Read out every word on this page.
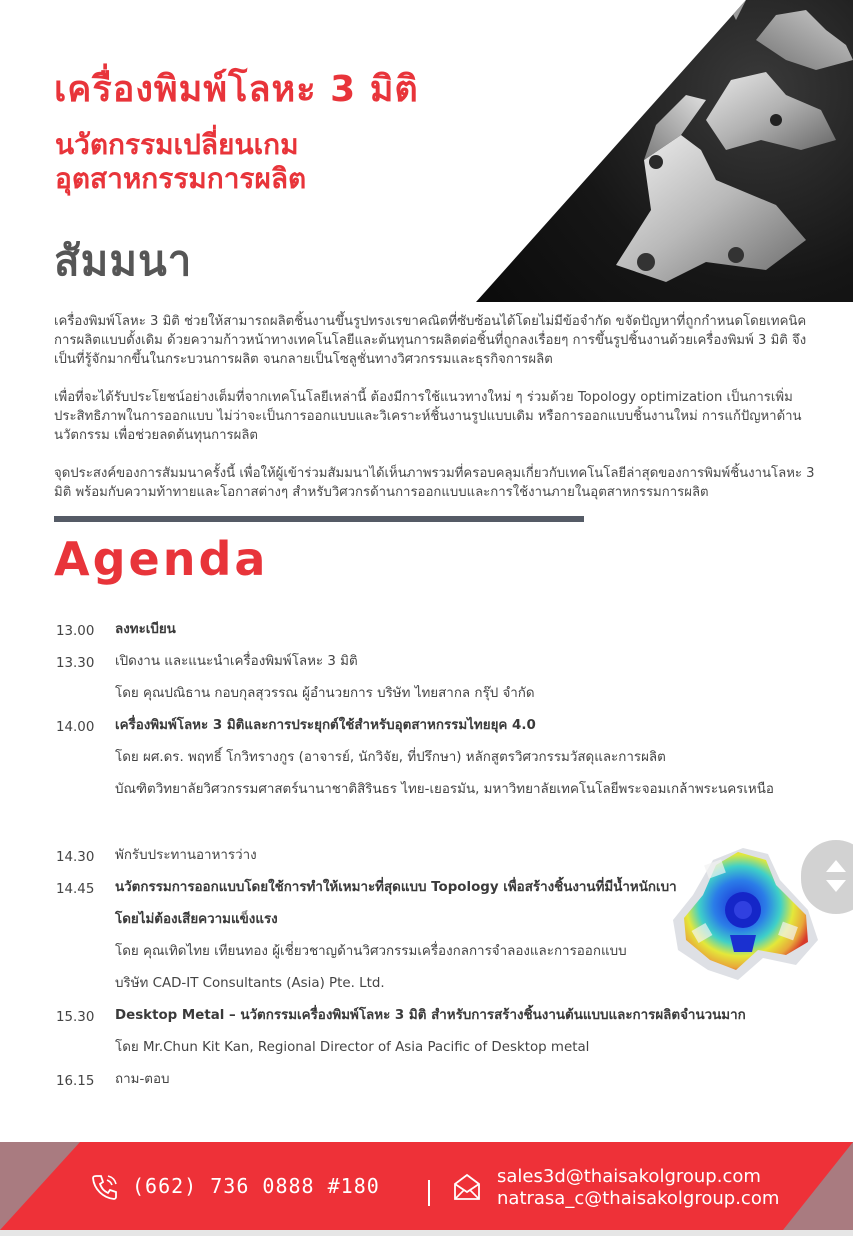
เครื่องพิมพ์โลหะ 3 มิติ
นวัตกรรมเปลี่ยนเกม
อุตสาหกรรมการผลิต
สัมมนา

เครื่องพิมพ์โลหะ 3 มิติ ช่วยให้สามารถผลิตชิ้นงานขึ้นรูปทรงเรขาคณิตที่ซับซ้อนได้โดยไม่มีข้อจำกัด ขจัดปัญหาที่ถูกกำหนดโดยเทคนิคการผลิตแบบดั้งเดิม ด้วยความก้าวหน้าทางเทคโนโลยีและต้นทุนการผลิตต่อชิ้นที่ถูกลงเรื่อยๆ การขึ้นรูปชิ้นงานด้วยเครื่องพิมพ์ 3 มิติ จึงเป็นที่รู้จักมากขึ้นในกระบวนการผลิต จนกลายเป็นโซลูชั่นทางวิศวกรรมและธุรกิจการผลิต

เพื่อที่จะได้รับประโยชน์อย่างเต็มที่จากเทคโนโลยีเหล่านี้ ต้องมีการใช้แนวทางใหม่ ๆ ร่วมด้วย Topology optimization เป็นการเพิ่มประสิทธิภาพในการออกแบบ ไม่ว่าจะเป็นการออกแบบและวิเคราะห์ชิ้นงานรูปแบบเดิม หรือการออกแบบชิ้นงานใหม่ การแก้ปัญหาด้านนวัตกรรม เพื่อช่วยลดต้นทุนการผลิต

จุดประสงค์ของการสัมมนาครั้งนี้ เพื่อให้ผู้เข้าร่วมสัมมนาได้เห็นภาพรวมที่ครอบคลุมเกี่ยวกับเทคโนโลยีล่าสุดของการพิมพ์ชิ้นงานโลหะ 3 มิติ พร้อมกับความท้าทายและโอกาสต่างๆ สำหรับวิศวกรด้านการออกแบบและการใช้งานภายในอุตสาหกรรมการผลิต

Agenda
13.00	ลงทะเบียน
13.30	เปิดงาน และแนะนำเครื่องพิมพ์โลหะ 3 มิติ
โดย คุณปณิธาน กอบกุลสุวรรณ ผู้อำนวยการ บริษัท ไทยสากล กรุ๊ป จำกัด
14.00	เครื่องพิมพ์โลหะ 3 มิติและการประยุกต์ใช้สำหรับอุตสาหกรรมไทยยุค 4.0
โดย ผศ.ดร. พฤทธิ์ โกวิทรางกูร (อาจารย์, นักวิจัย, ที่ปรึกษา) หลักสูตรวิศวกรรมวัสดุและการผลิต
บัณฑิตวิทยาลัยวิศวกรรมศาสตร์นานาชาติสิรินธร ไทย-เยอรมัน, มหาวิทยาลัยเทคโนโลยีพระจอมเกล้าพระนครเหนือ
14.30	พักรับประทานอาหารว่าง
14.45	นวัตกรรมการออกแบบโดยใช้การทำให้เหมาะที่สุดแบบ Topology เพื่อสร้างชิ้นงานที่มีน้ำหนักเบา
โดยไม่ต้องเสียความแข็งแรง
โดย คุณเทิดไทย เทียนทอง ผู้เชี่ยวชาญด้านวิศวกรรมเครื่องกลการจำลองและการออกแบบ
บริษัท CAD-IT Consultants (Asia) Pte. Ltd.
15.30	Desktop Metal – นวัตกรรมเครื่องพิมพ์โลหะ 3 มิติ สำหรับการสร้างชิ้นงานต้นแบบและการผลิตจำนวนมาก
โดย Mr.Chun Kit Kan, Regional Director of Asia Pacific of Desktop metal
16.15	ถาม-ตอบ
(662) 736 0888 #180	sales3d@thaisakolgroup.com
natrasa_c@thaisakolgroup.com
